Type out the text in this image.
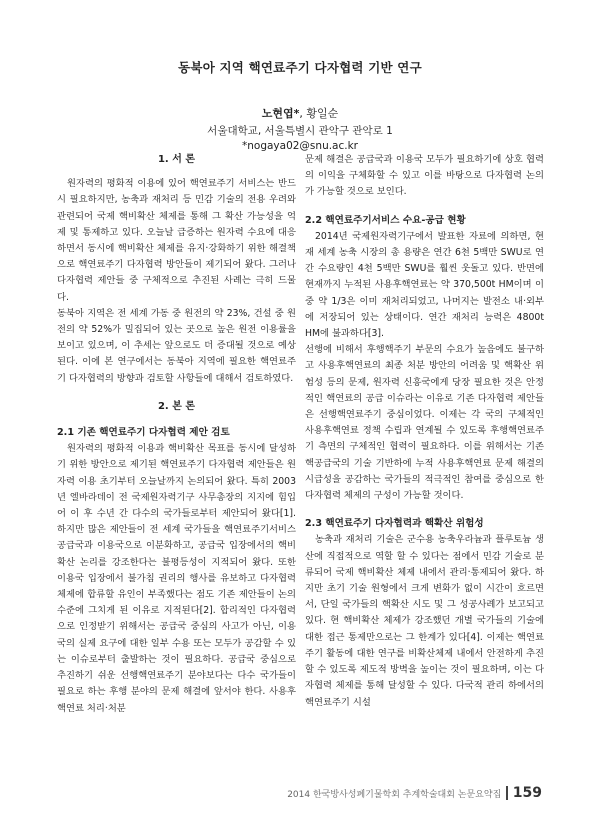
동북아 지역 핵연료주기 다자협력 기반 연구
노현엽*, 황일순
서울대학교, 서울특별시 관악구 관악로 1
*nogaya02@snu.ac.kr

1. 서 론

원자력의 평화적 이용에 있어 핵연료주기 서비스는 반드시 필요하지만, 농축과 재처리 등 민감 기술의 전용 우려와 관련되어 국제 핵비확산 체제를 통해 그 확산 가능성을 억제 및 통제하고 있다. 오늘날 급증하는 원자력 수요에 대응하면서 동시에 핵비확산 체제를 유지·강화하기 위한 해결책으로 핵연료주기 다자협력 방안들이 제기되어 왔다. 그러나 다자협력 제안들 중 구체적으로 추진된 사례는 극히 드물다.

동북아 지역은 전 세계 가동 중 원전의 약 23%, 건설 중 원전의 약 52%가 밀집되어 있는 곳으로 높은 원전 이용률을 보이고 있으며, 이 추세는 앞으로도 더 증대될 것으로 예상된다. 이에 본 연구에서는 동북아 지역에 필요한 핵연료주기 다자협력의 방향과 검토할 사항들에 대해서 검토하였다.

2. 본 론

2.1 기존 핵연료주기 다자협력 제안 검토

원자력의 평화적 이용과 핵비확산 목표를 동시에 달성하기 위한 방안으로 제기된 핵연료주기 다자협력 제안들은 원자력 이용 초기부터 오늘날까지 논의되어 왔다. 특히 2003년 엘바라데이 전 국제원자력기구 사무총장의 지지에 힘입어 이 후 수년 간 다수의 국가들로부터 제안되어 왔다[1]. 하지만 많은 제안들이 전 세계 국가들을 핵연료주기서비스 공급국과 이용국으로 이분화하고, 공급국 입장에서의 핵비확산 논리를 강조한다는 불평등성이 지적되어 왔다. 또한 이용국 입장에서 불가침 권리의 행사를 유보하고 다자협력 체제에 합류할 유인이 부족했다는 점도 기존 제안들이 논의 수준에 그치게 된 이유로 지적된다[2]. 합리적인 다자협력으로 인정받기 위해서는 공급국 중심의 사고가 아닌, 이용국의 실제 요구에 대한 일부 수용 또는 모두가 공감할 수 있는 이슈로부터 출발하는 것이 필요하다. 공급국 중심으로 추진하기 쉬운 선행핵연료주기 분야보다는 다수 국가들이 필요로 하는 후행 분야의 문제 해결에 앞서야 한다. 사용후핵연료 처리·처분

문제 해결은 공급국과 이용국 모두가 필요하기에 상호 협력의 이익을 구체화할 수 있고 이를 바탕으로 다자협력 논의가 가능할 것으로 보인다.

2.2 핵연료주기서비스 수요-공급 현황

2014년 국제원자력기구에서 발표한 자료에 의하면, 현재 세계 농축 시장의 총 용량은 연간 6천 5백만 SWU로 연간 수요량인 4천 5백만 SWU를 훨씬 웃돌고 있다. 반면에 현재까지 누적된 사용후핵연료는 약 370,500t HM이며 이 중 약 1/3은 이미 재처리되었고, 나머지는 발전소 내·외부에 저장되어 있는 상태이다. 연간 재처리 능력은 4800t HM에 불과하다[3].

선행에 비해서 후행핵주기 부문의 수요가 높음에도 불구하고 사용후핵연료의 최종 처분 방안의 어려움 및 핵확산 위험성 등의 문제, 원자력 신흥국에게 당장 필요한 것은 안정적인 핵연료의 공급 이슈라는 이유로 기존 다자협력 제안들은 선행핵연료주기 중심이었다. 이제는 각 국의 구체적인 사용후핵연료 정책 수립과 연계될 수 있도록 후행핵연료주기 측면의 구체적인 협력이 필요하다. 이를 위해서는 기존 핵공급국의 기술 기반하에 누적 사용후핵연료 문제 해결의 시급성을 공감하는 국가들의 적극적인 참여를 중심으로 한 다자협력 체제의 구성이 가능할 것이다.

2.3 핵연료주기 다자협력과 핵확산 위험성

농축과 재처리 기술은 군수용 농축우라늄과 플루토늄 생산에 직접적으로 역할 할 수 있다는 점에서 민감 기술로 분류되어 국제 핵비확산 체제 내에서 관리·통제되어 왔다. 하지만 초기 기술 원형에서 크게 변화가 없이 시간이 흐르면서, 단일 국가들의 핵확산 시도 및 그 성공사례가 보고되고 있다. 현 핵비확산 체제가 강조했던 개별 국가들의 기술에 대한 접근 통제만으로는 그 한계가 있다[4]. 이제는 핵연료주기 활동에 대한 연구를 비확산체제 내에서 안전하게 추진할 수 있도록 제도적 방벽을 높이는 것이 필요하며, 이는 다자협력 체제를 통해 달성할 수 있다. 다국적 관리 하에서의 핵연료주기 시설

2014 한국방사성폐기물학회 추계학술대회 논문요약집 159
